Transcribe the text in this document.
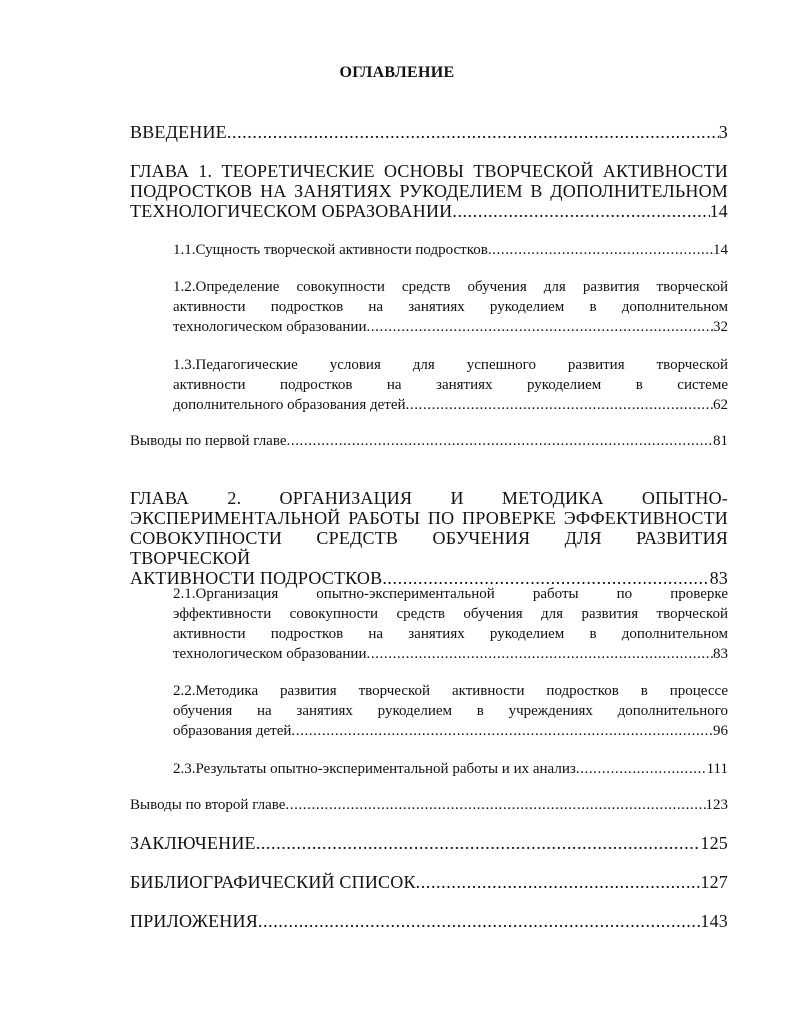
ОГЛАВЛЕНИЕ
ВВЕДЕНИЕ .....	3
ГЛАВА 1. ТЕОРЕТИЧЕСКИЕ ОСНОВЫ ТВОРЧЕСКОЙ АКТИВНОСТИ
ПОДРОСТКОВ НА ЗАНЯТИЯХ РУКОДЕЛИЕМ В ДОПОЛНИТЕЛЬНОМ
ТЕХНОЛОГИЧЕСКОМ ОБРАЗОВАНИИ .....	14
1.1.Сущность творческой активности подростков .....	14
1.2.Определение совокупности средств обучения для развития творческой
активности подростков на занятиях рукоделием в дополнительном
технологическом образовании .....	32
1.3.Педагогические условия для успешного развития творческой
активности подростков на занятиях рукоделием в системе
дополнительного образования детей .....	62
Выводы по первой главе .....	81
ГЛАВА 2. ОРГАНИЗАЦИЯ И МЕТОДИКА ОПЫТНО-
ЭКСПЕРИМЕНТАЛЬНОЙ РАБОТЫ ПО ПРОВЕРКЕ ЭФФЕКТИВНОСТИ
СОВОКУПНОСТИ СРЕДСТВ ОБУЧЕНИЯ ДЛЯ РАЗВИТИЯ ТВОРЧЕСКОЙ
АКТИВНОСТИ ПОДРОСТКОВ .....	83
2.1.Организация опытно-экспериментальной работы по проверке
эффективности совокупности средств обучения для развития творческой
активности подростков на занятиях рукоделием в дополнительном
технологическом образовании .....	83
2.2.Методика развития творческой активности подростков в процессе
обучения на занятиях рукоделием в учреждениях дополнительного
образования детей .....	96
2.3.Результаты опытно-экспериментальной работы и их анализ .....	111
Выводы по второй главе .....	123
ЗАКЛЮЧЕНИЕ .....	125
БИБЛИОГРАФИЧЕСКИЙ СПИСОК .....	127
ПРИЛОЖЕНИЯ .....	143
